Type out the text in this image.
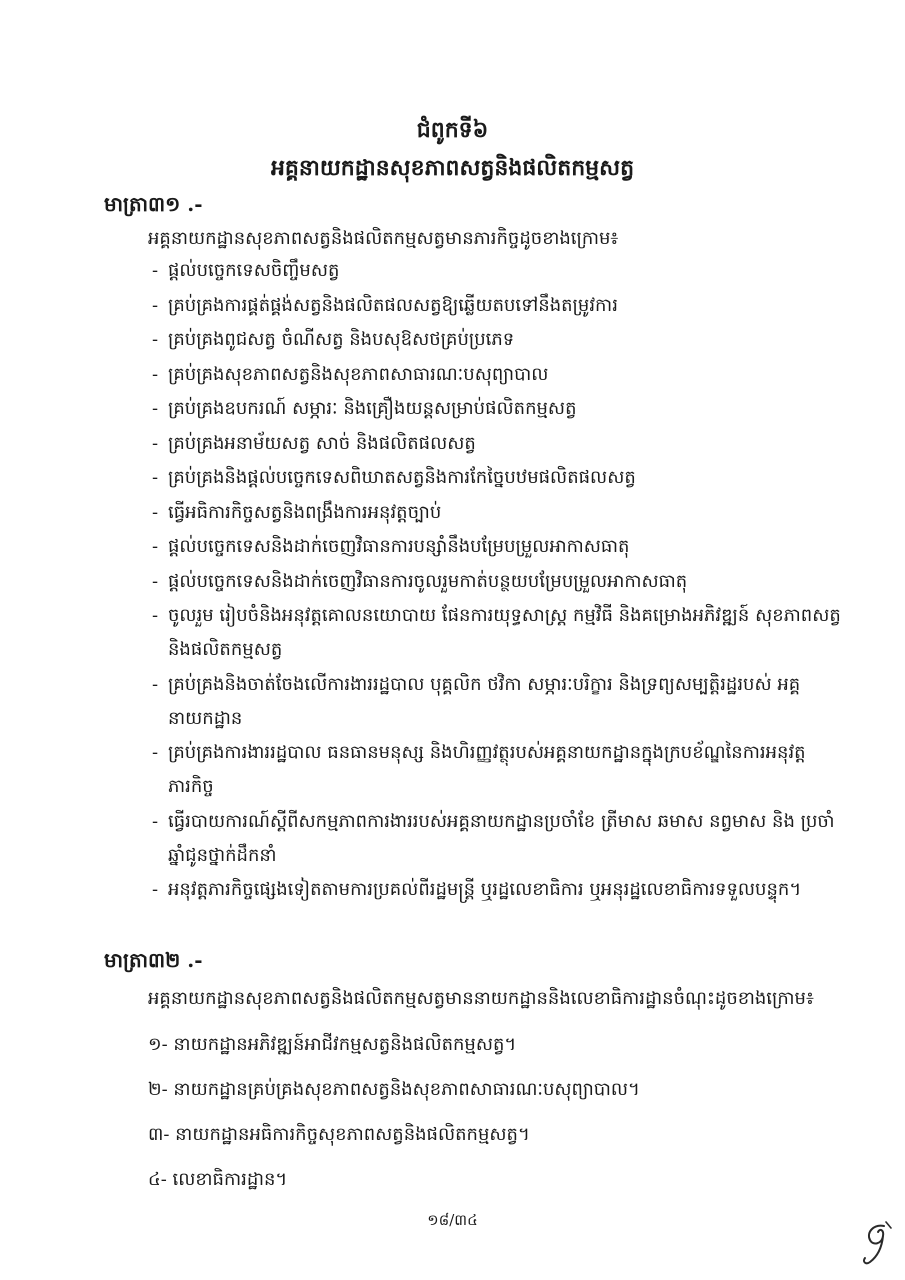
ជំពូកទី៦
អគ្គនាយកដ្ឋានសុខភាពសត្វនិងផលិតកម្មសត្វ
មាត្រា៣១ .-
អគ្គនាយកដ្ឋានសុខភាពសត្វនិងផលិតកម្មសត្វមានភារកិច្ចដូចខាងក្រោម៖
- ផ្តល់បច្ចេកទេសចិញ្ចឹមសត្វ
- គ្រប់គ្រងការផ្គត់ផ្គង់សត្វនិងផលិតផលសត្វឱ្យឆ្លើយតបទៅនឹងតម្រូវការ
- គ្រប់គ្រងពូជសត្វ ចំណីសត្វ និងបសុឱសថគ្រប់ប្រភេទ
- គ្រប់គ្រងសុខភាពសត្វនិងសុខភាពសាធារណៈបសុព្យាបាល
- គ្រប់គ្រងឧបករណ៍ សម្ភារៈ និងគ្រឿងយន្តសម្រាប់ផលិតកម្មសត្វ
- គ្រប់គ្រងអនាម័យសត្វ សាច់ និងផលិតផលសត្វ
- គ្រប់គ្រងនិងផ្តល់បច្ចេកទេសពិឃាតសត្វនិងការកែច្នៃបឋមផលិតផលសត្វ
- ធ្វើអធិការកិច្ចសត្វនិងពង្រឹងការអនុវត្តច្បាប់
- ផ្តល់បច្ចេកទេសនិងដាក់ចេញវិធានការបន្សាំនឹងបម្រែបម្រួលអាកាសធាតុ
- ផ្តល់បច្ចេកទេសនិងដាក់ចេញវិធានការចូលរួមកាត់បន្ថយបម្រែបម្រួលអាកាសធាតុ
- ចូលរួម រៀបចំនិងអនុវត្តគោលនយោបាយ ផែនការយុទ្ធសាស្ត្រ កម្មវិធី និងគម្រោងអភិវឌ្ឍន៍ សុខភាពសត្វនិងផលិតកម្មសត្វ
- គ្រប់គ្រងនិងចាត់ចែងលើការងាររដ្ឋបាល បុគ្គលិក ថវិកា សម្ភារៈបរិក្ខារ និងទ្រព្យសម្បត្តិរដ្ឋរបស់ អគ្គនាយកដ្ឋាន
- គ្រប់គ្រងការងាររដ្ឋបាល ធនធានមនុស្ស និងហិរញ្ញវត្ថុរបស់អគ្គនាយកដ្ឋានក្នុងក្របខ័ណ្ឌនៃការអនុវត្ត ភារកិច្ច
- ធ្វើរបាយការណ៍ស្តីពីសកម្មភាពការងាររបស់អគ្គនាយកដ្ឋានប្រចាំខែ ត្រីមាស ឆមាស នព្វមាស និង ប្រចាំឆ្នាំជូនថ្នាក់ដឹកនាំ
- អនុវត្តភារកិច្ចផ្សេងទៀតតាមការប្រគល់ពីរដ្ឋមន្ត្រី ឬរដ្ឋលេខាធិការ ឬអនុរដ្ឋលេខាធិការទទួលបន្ទុក។
មាត្រា៣២ .-
អគ្គនាយកដ្ឋានសុខភាពសត្វនិងផលិតកម្មសត្វមាននាយកដ្ឋាននិងលេខាធិការដ្ឋានចំណុះដូចខាងក្រោម៖
១- នាយកដ្ឋានអភិវឌ្ឍន៍អាជីវកម្មសត្វនិងផលិតកម្មសត្វ។
២- នាយកដ្ឋានគ្រប់គ្រងសុខភាពសត្វនិងសុខភាពសាធារណៈបសុព្យាបាល។
៣- នាយកដ្ឋានអធិការកិច្ចសុខភាពសត្វនិងផលិតកម្មសត្វ។
៤- លេខាធិការដ្ឋាន។
១៨/៣៤
